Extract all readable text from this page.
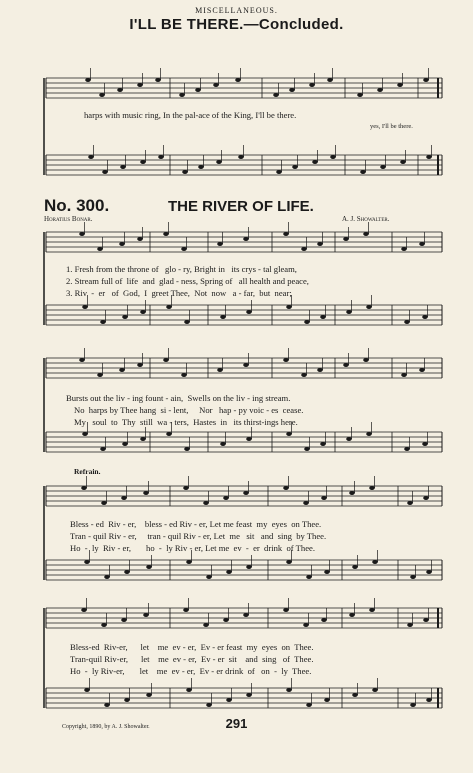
MISCELLANEOUS.
I'LL BE THERE.—Concluded.
harps with music ring, In the pal-ace of the King, I'll be there.
yes, I'll be there.
No. 300.	THE RIVER OF LIFE.
Horatius Bonar.	A. J. Showalter.
1. Fresh from the throne of   glo - ry, Bright in   its crys - tal gleam,
2. Stream full of  life  and  glad - ness, Spring of   all health and peace,
3. Riv  -  er   of  God,  I  greet Thee,  Not  now   a - far,  but  near;
Bursts out the liv - ing fount - ain,  Swells on the liv - ing stream.
No  harps by Thee hang  si - lent,     Nor   hap - py voic - es  cease.
My   soul  to  Thy  still  wa - ters,  Hastes  in   its thirst-ings here.
Refrain.
Bless - ed  Riv - er,    bless - ed Riv - er, Let me feast  my  eyes  on Thee.
Tran - quil Riv - er,     tran - quil Riv - er, Let  me   sit   and  sing  by Thee.
Ho  -  ly  Riv - er,       ho  -  ly Riv - er, Let me  ev  -  er  drink  of Thee.
Bless-ed  Riv-er,      let    me  ev - er,  Ev - er feast  my  eyes  on  Thee.
Tran-quil Riv-er,      let    me  ev - er,  Ev - er  sit    and  sing   of  Thee.
Ho  -  ly Riv-er,       let    me  ev - er,  Ev - er drink  of   on  -  ly  Thee.
Copyright, 1890, by A. J. Showalter.	291
